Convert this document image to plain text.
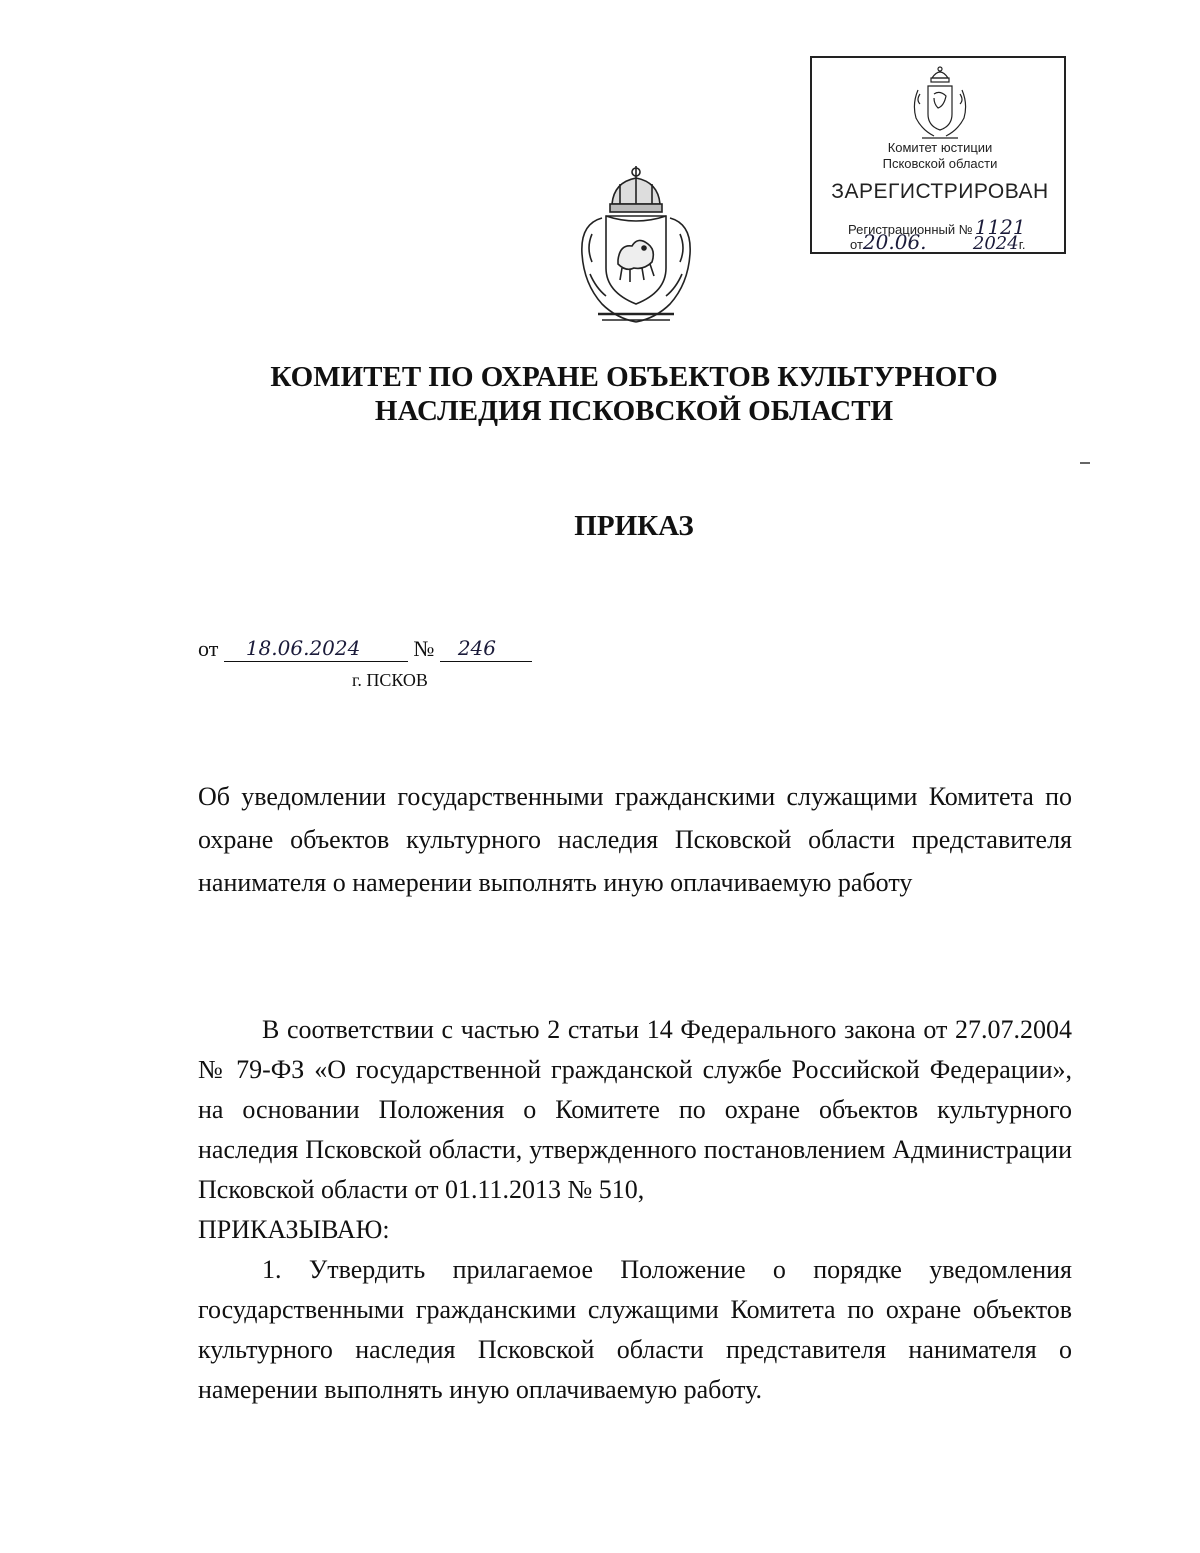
Комитет юстиции
Псковской области
ЗАРЕГИСТРИРОВАН
Регистрационный № 1121
от20.06.	2024г.
КОМИТЕТ ПО ОХРАНЕ ОБЪЕКТОВ КУЛЬТУРНОГО
НАСЛЕДИЯ ПСКОВСКОЙ ОБЛАСТИ
ПРИКАЗ
от 18.06.2024 № 246
г. ПСКОВ
Об уведомлении государственными гражданскими служащими Комитета по охране объектов культурного наследия Псковской области представителя нанимателя о намерении выполнять иную оплачиваемую работу

В соответствии с частью 2 статьи 14 Федерального закона от 27.07.2004 № 79-ФЗ «О государственной гражданской службе Российской Федерации», на основании Положения о Комитете по охране объектов культурного наследия Псковской области, утвержденного постановлением Администрации Псковской области от 01.11.2013 № 510,

ПРИКАЗЫВАЮ:

1. Утвердить прилагаемое Положение о порядке уведомления государственными гражданскими служащими Комитета по охране объектов культурного наследия Псковской области представителя нанимателя о намерении выполнять иную оплачиваемую работу.
